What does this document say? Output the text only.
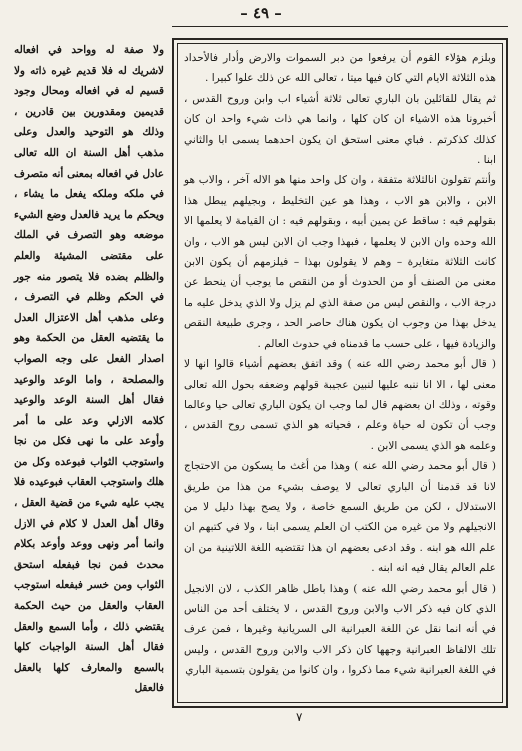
– ٤٩ –

ولا صفة له وواحد في افعاله لاشريك له فلا قديم غيره ذاته ولا قسيم له في افعاله ومحال وجود قديمين ومقدورين بين قادرين ، وذلك هو التوحيد والعدل وعلى مذهب أهل السنة ان الله تعالى عادل في افعاله بمعنى أنه متصرف في ملكه وملكه يفعل ما يشاء ، ويحكم ما يريد فالعدل وضع الشيء موضعه وهو التصرف في الملك على مقتضى المشيئة والعلم والظلم بضده فلا يتصور منه جور في الحكم وظلم في التصرف ، وعلى مذهب أهل الاعتزال العدل ما يقتضيه العقل من الحكمة وهو اصدار الفعل على وجه الصواب والمصلحة ، واما الوعد والوعيد فقال أهل السنة الوعد والوعيد كلامه الازلي وعد على ما أمر وأوعد على ما نهى فكل من نجا واستوجب الثواب فبوعده وكل من هلك واستوجب العقاب فبوعيده فلا يجب عليه شيء من قضية العقل ، وقال أهل العدل لا كلام في الازل وانما أمر ونهى ووعد وأوعد بكلام محدث فمن نجا فبفعله استحق الثواب ومن خسر فبفعله استوجب العقاب والعقل من حيث الحكمة يقتضي ذلك ، وأما السمع والعقل فقال أهل السنة الواجبات كلها بالسمع والمعارف كلها بالعقل فالعقل

وبلزم هؤلاء القوم أن يرفعوا من دبر السموات والارض وأدار فالأحداد هذه الثلاثة الايام التي كان فيها ميتا ، تعالى الله عن ذلك علوا كبيرا .

ثم يقال للقائلين بان الباري تعالى ثلاثة أشياء اب وابن وروح القدس ، أخبرونا هذه الاشياء ان كان كلها ، وانما هي ذات شيء واحد ان كان كذلك كذكرتم . فباي معنى استحق ان يكون احدهما يسمى ابا والثاني ابنا .

وأنتم تقولون انالثلاثة متفقة ، وان كل واحد منها هو الاله آخر ، والاب هو الابن ، والابن هو الاب ، وهذا هو عين التخليط ، وبجيلهم يبطل هذا بقولهم فيه : ساقط عن يمين أبيه ، وبقولهم فيه : ان القيامة لا يعلمها الا الله وحده وان الابن لا يعلمها ، فبهذا وجب ان الابن ليس هو الاب ، وان كانت الثلاثة متغايرة – وهم لا يقولون بهذا – فيلزمهم أن يكون الابن معنى من الصنف أو من الحدوث أو من النقص ما يوجب أن ينحط عن درجة الاب ، والنقص ليس من صفة الذي لم يزل ولا الذي يدخل عليه ما يدخل بهذا من وجوب ان يكون هناك حاصر الحد ، وجرى طبيعة النقص والزيادة فيها ، على حسب ما قدمناه في حدوث العالم .

( قال أبو محمد رضي الله عنه ) وقد اتفق بعضهم أشياء قالوا انها لا معنى لها ، الا انا ننبه عليها لنبين عجيبة قولهم وضعفه بحول الله تعالى وقوته ، وذلك ان بعضهم قال لما وجب ان يكون الباري تعالى حيا وعالما وجب أن تكون له حياة وعلم ، فحياته هو الذي تسمى روح القدس ، وعلمه هو الذي يسمى الابن .

( قال أبو محمد رضي الله عنه ) وهذا من أغث ما يسكون من الاحتجاج لانا قد قدمنا أن الباري تعالى لا يوصف بشيء من هذا من طريق الاستدلال ، لكن من طريق السمع خاصة ، ولا يصح بهذا دليل لا من الانجيلهم ولا من غيره من الكتب ان العلم يسمى ابنا ، ولا في كتبهم ان علم الله هو ابنه . وقد ادعى بعضهم ان هذا تقتضيه اللغة اللاتينية من ان علم العالم يقال فيه انه ابنه .

( قال أبو محمد رضي الله عنه ) وهذا باطل ظاهر الكذب ، لان الانجيل الذي كان فيه ذكر الاب والابن وروح القدس ، لا يختلف أحد من الناس في أنه انما نقل عن اللغة العبرانية الى السريانية وغيرها ، فمن عرف تلك الالفاظ العبرانية وجهها كان ذكر الاب والابن وروح القدس ، وليس في اللغة العبرانية شيء مما ذكروا ، وان كانوا من يقولون بتسمية الباري

٧
